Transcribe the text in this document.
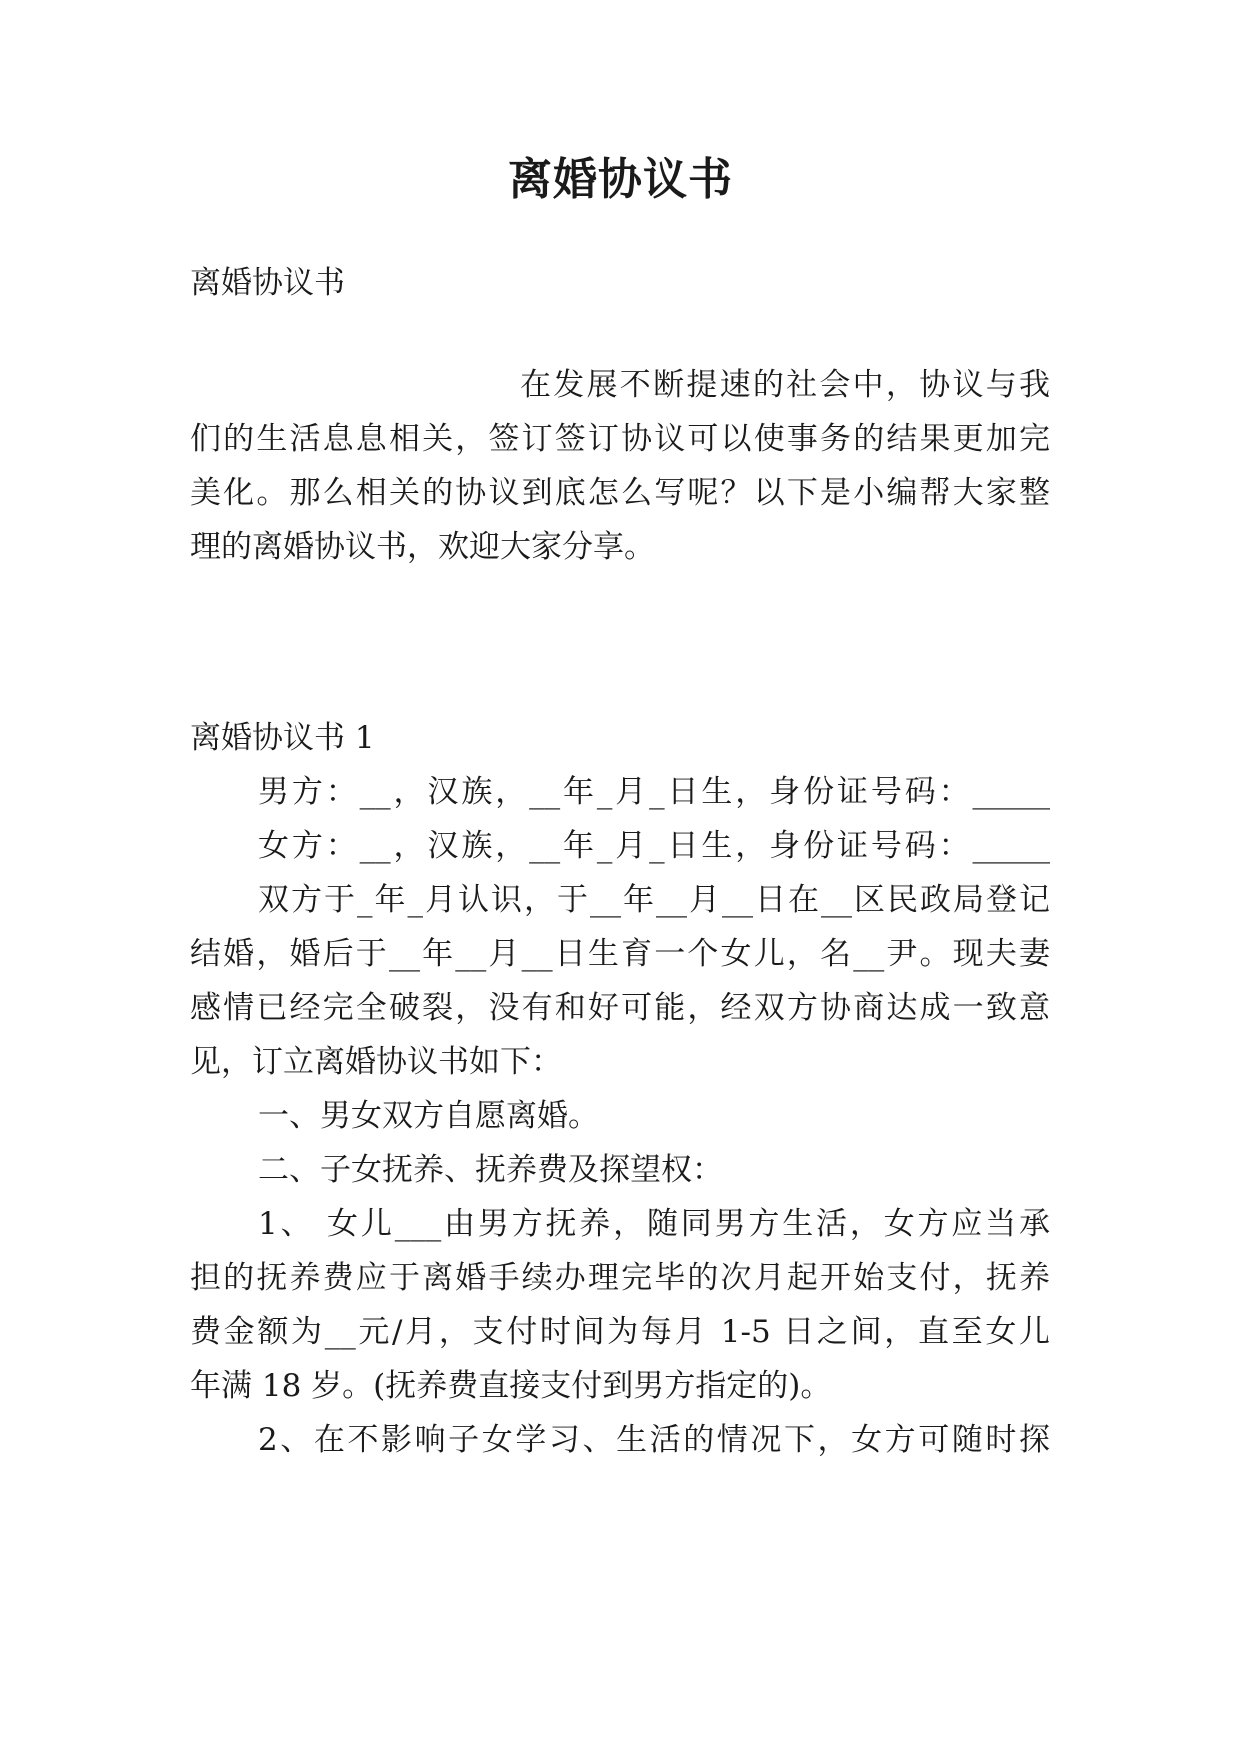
离婚协议书
离婚协议书
在发展不断提速的社会中，协议与我
们的生活息息相关，签订签订协议可以使事务的结果更加完
美化。那么相关的协议到底怎么写呢？以下是小编帮大家整
理的离婚协议书，欢迎大家分享。
离婚协议书 1
男方：__，汉族，__年_月_日生，身份证号码：_____
女方：__，汉族，__年_月_日生，身份证号码：_____
双方于_年_月认识，于__年__月__日在__区民政局登记
结婚，婚后于__年__月__日生育一个女儿，名__尹。现夫妻
感情已经完全破裂，没有和好可能，经双方协商达成一致意
见，订立离婚协议书如下：
一、男女双方自愿离婚。
二、子女抚养、抚养费及探望权：
1、 女儿___由男方抚养，随同男方生活，女方应当承
担的抚养费应于离婚手续办理完毕的次月起开始支付，抚养
费金额为__元/月，支付时间为每月 1-5 日之间，直至女儿
年满 18 岁。(抚养费直接支付到男方指定的)。
2、在不影响子女学习、生活的情况下，女方可随时探
